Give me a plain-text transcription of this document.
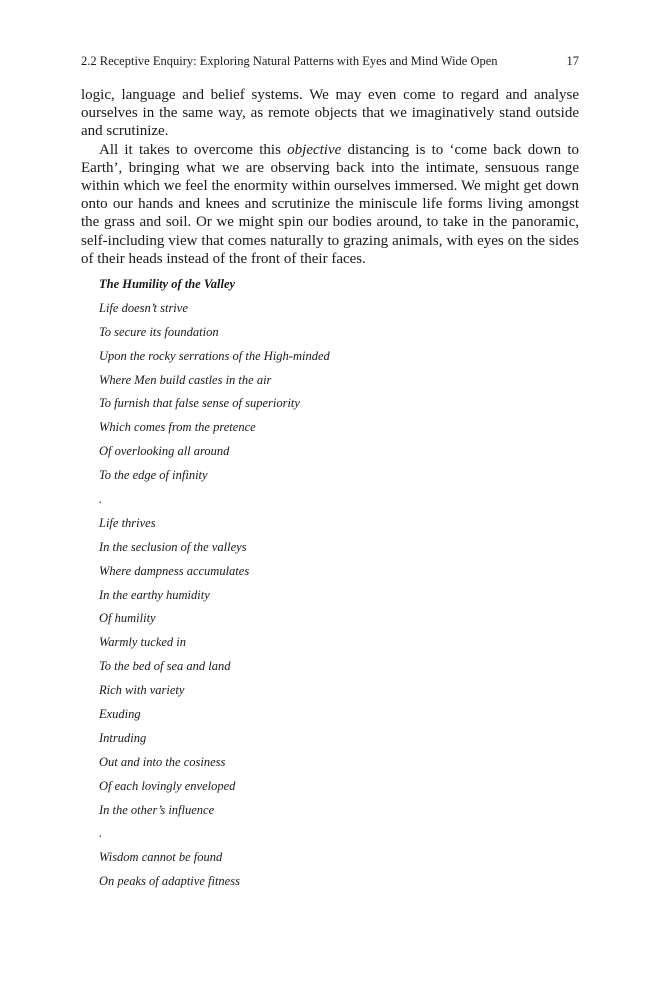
2.2 Receptive Enquiry: Exploring Natural Patterns with Eyes and Mind Wide Open	17

logic, language and belief systems. We may even come to regard and analyse ourselves in the same way, as remote objects that we imaginatively stand outside and scrutinize.

All it takes to overcome this objective distancing is to ‘come back down to Earth’, bringing what we are observing back into the intimate, sensuous range within which we feel the enormity within ourselves immersed. We might get down onto our hands and knees and scrutinize the miniscule life forms living amongst the grass and soil. Or we might spin our bodies around, to take in the panoramic, self-including view that comes naturally to grazing animals, with eyes on the sides of their heads instead of the front of their faces.

The Humility of the Valley
Life doesn’t strive
To secure its foundation
Upon the rocky serrations of the High-minded
Where Men build castles in the air
To furnish that false sense of superiority
Which comes from the pretence
Of overlooking all around
To the edge of infinity
.
Life thrives
In the seclusion of the valleys
Where dampness accumulates
In the earthy humidity
Of humility
Warmly tucked in
To the bed of sea and land
Rich with variety
Exuding
Intruding
Out and into the cosiness
Of each lovingly enveloped
In the other’s influence
.
Wisdom cannot be found
On peaks of adaptive fitness
